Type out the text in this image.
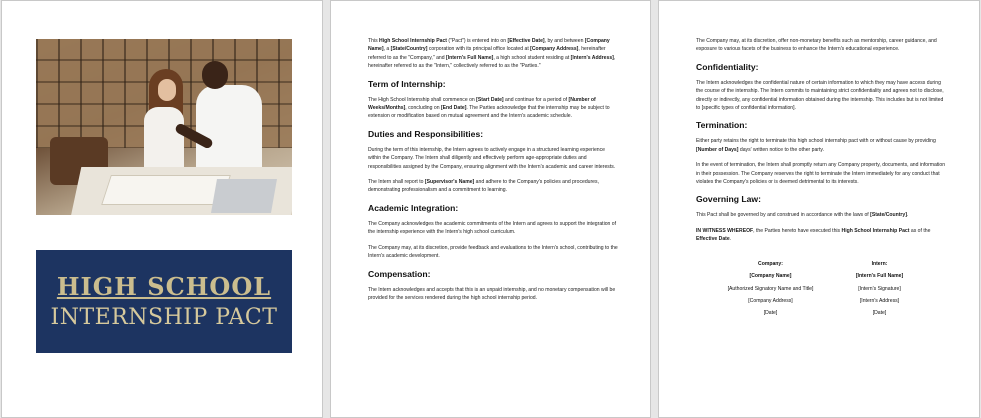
HIGH SCHOOL
INTERNSHIP PACT

This High School Internship Pact ("Pact") is entered into on [Effective Date], by and between [Company Name], a [State/Country] corporation with its principal office located at [Company Address], hereinafter referred to as the "Company," and [Intern's Full Name], a high school student residing at [Intern's Address], hereinafter referred to as the "Intern," collectively referred to as the "Parties."

Term of Internship:

The High School Internship shall commence on [Start Date] and continue for a period of [Number of Weeks/Months], concluding on [End Date]. The Parties acknowledge that the internship may be subject to extension or modification based on mutual agreement and the Intern's academic schedule.

Duties and Responsibilities:

During the term of this internship, the Intern agrees to actively engage in a structured learning experience within the Company. The Intern shall diligently and effectively perform age-appropriate duties and responsibilities assigned by the Company, ensuring alignment with the Intern's academic and career interests.

The Intern shall report to [Supervisor's Name] and adhere to the Company's policies and procedures, demonstrating professionalism and a commitment to learning.

Academic Integration:

The Company acknowledges the academic commitments of the Intern and agrees to support the integration of the internship experience with the Intern's high school curriculum.

The Company may, at its discretion, provide feedback and evaluations to the Intern's school, contributing to the Intern's academic development.

Compensation:

The Intern acknowledges and accepts that this is an unpaid internship, and no monetary compensation will be provided for the services rendered during the high school internship period.

The Company may, at its discretion, offer non-monetary benefits such as mentorship, career guidance, and exposure to various facets of the business to enhance the Intern's educational experience.

Confidentiality:

The Intern acknowledges the confidential nature of certain information to which they may have access during the course of the internship. The Intern commits to maintaining strict confidentiality and agrees not to disclose, directly or indirectly, any confidential information obtained during the internship. This includes but is not limited to [specific types of confidential information].

Termination:

Either party retains the right to terminate this high school internship pact with or without cause by providing [Number of Days] days' written notice to the other party.

In the event of termination, the Intern shall promptly return any Company property, documents, and information in their possession. The Company reserves the right to terminate the Intern immediately for any conduct that violates the Company's policies or is deemed detrimental to its interests.

Governing Law:

This Pact shall be governed by and construed in accordance with the laws of [State/Country].

IN WITNESS WHEREOF, the Parties hereto have executed this High School Internship Pact as of the Effective Date.

Company:
[Company Name]
[Authorized Signatory Name and Title]
[Company Address]
[Date]
Intern:
[Intern's Full Name]
[Intern's Signature]
[Intern's Address]
[Date]
